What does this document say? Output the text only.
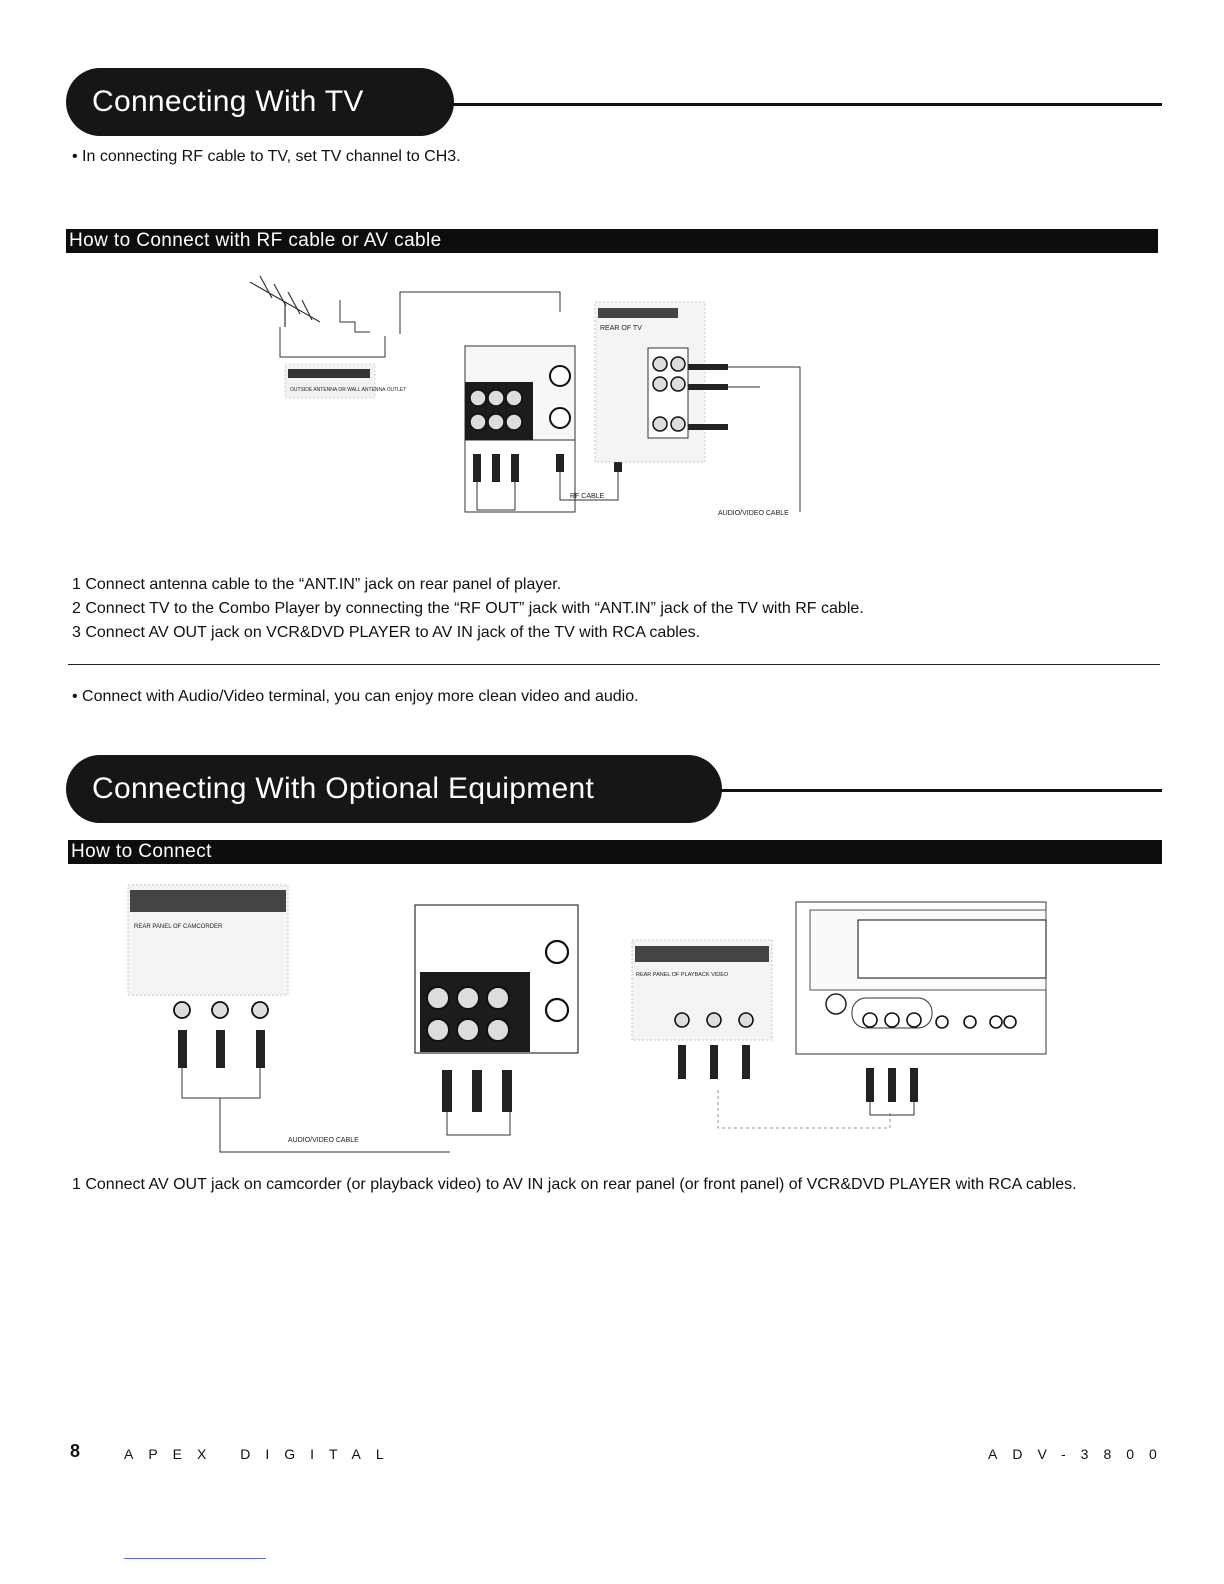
Connecting With TV
• In connecting RF cable to TV, set TV channel to CH3.
How to Connect with RF cable or AV cable
OUTSIDE ANTENNA OR WALL ANTENNA OUTLET
RF CABLE
REAR OF TV
AUDIO/VIDEO CABLE
1 Connect antenna cable to the “ANT.IN” jack on rear panel of player.
2 Connect TV to the Combo Player by connecting the “RF OUT” jack with “ANT.IN” jack of the TV with RF cable.
3 Connect AV OUT jack on VCR&DVD PLAYER to AV IN jack of the TV with RCA cables.
• Connect with Audio/Video terminal, you can enjoy more clean video and audio.
Connecting With Optional Equipment
How to Connect
REAR PANEL OF CAMCORDER
AUDIO/VIDEO CABLE
REAR PANEL OF PLAYBACK VIDEO
1 Connect AV OUT jack on camcorder (or playback video) to AV IN jack on rear panel (or front panel) of VCR&DVD PLAYER with RCA cables.
8	APEX DIGITAL	ADV-3800
